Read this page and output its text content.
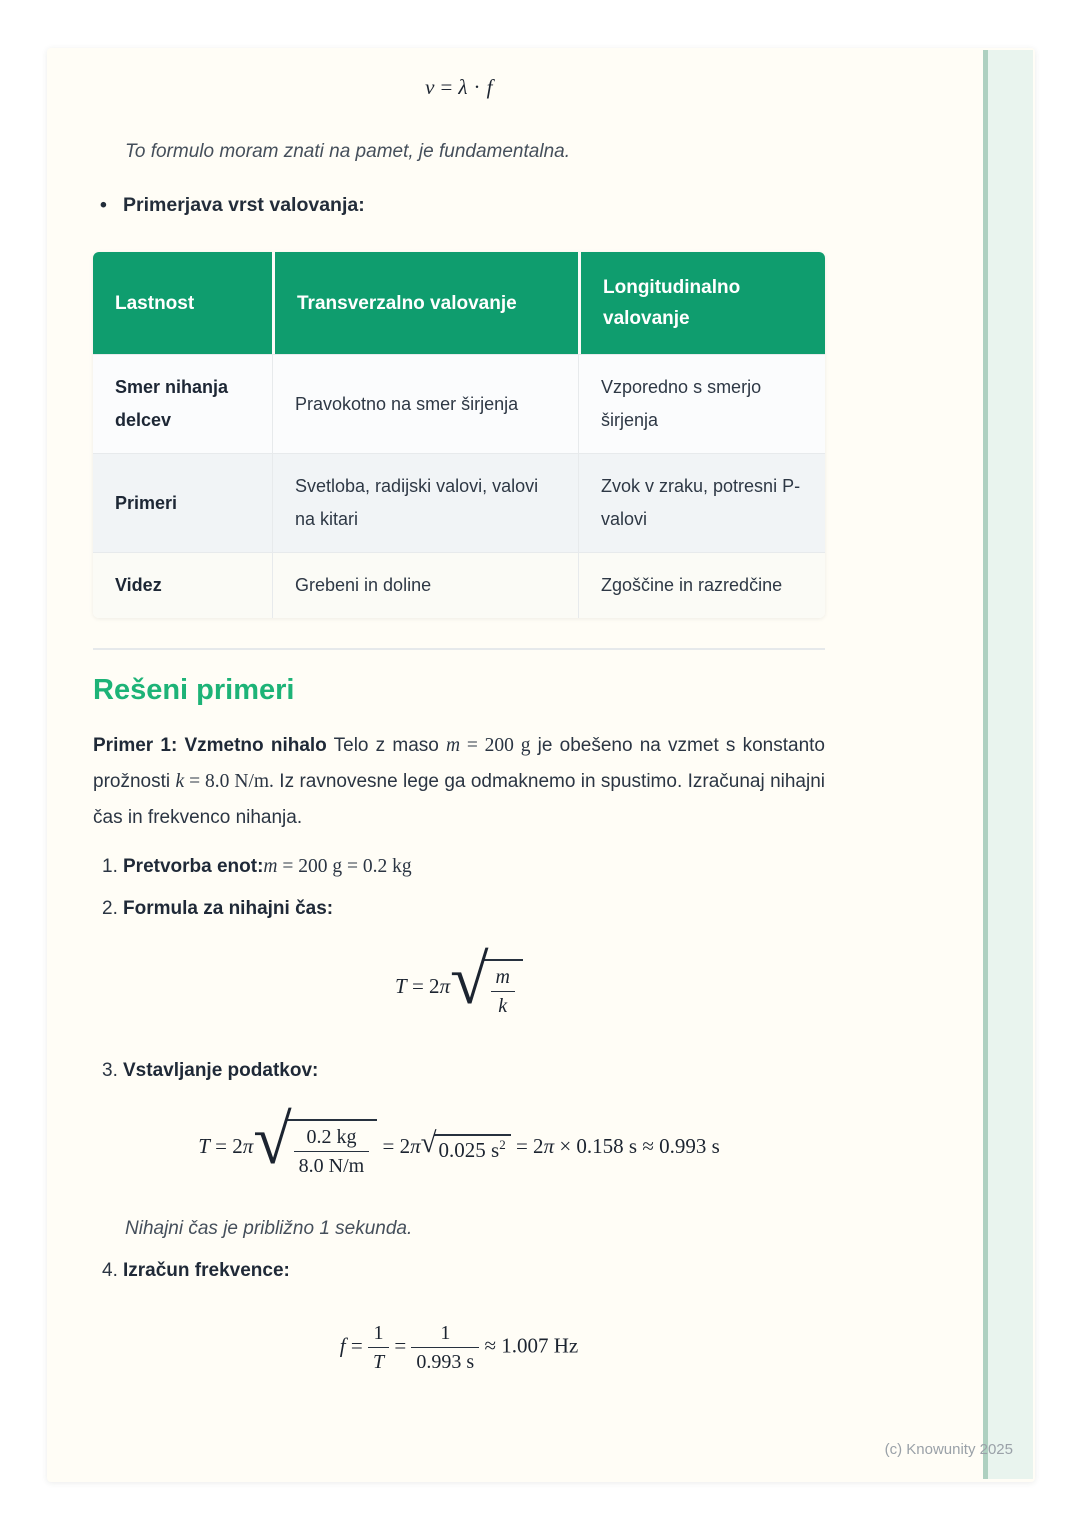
v = λ · f

To formulo moram znati na pamet, je fundamentalna.

• Primerjava vrst valovanja:
Lastnost	Transverzalno valovanje	Longitudinalno valovanje
Smer nihanja delcev	Pravokotno na smer širjenja	Vzporedno s smerjo širjenja
Primeri	Svetloba, radijski valovi, valovi na kitari	Zvok v zraku, potresni P-valovi
Videz	Grebeni in doline	Zgoščine in razredčine
Rešeni primeri

Primer 1: Vzmetno nihalo Telo z maso m = 200 g je obešeno na vzmet s konstanto prožnosti k = 8.0 N/m. Iz ravnovesne lege ga odmaknemo in spustimo. Izračunaj nihajni čas in frekvenco nihanja.

1. Pretvorba enot:m = 200 g = 0.2 kg
2. Formula za nihajni čas:
T = 2π √ $\frac{m}{k}$
3. Vstavljanje podatkov:
T = 2π √ $\frac{0.2 kg}{8.0 N/m} = 2\pi$ √ 0.025 $s^2 = 2\pi \times 0.158$ s ≈ 0.993 s

Nihajni čas je približno 1 sekunda.

4. Izračun frekvence:
$f = \frac{1}{T} = \frac{1}{0.993 s} \approx 1.007$ Hz
(c) Knowunity 2025
